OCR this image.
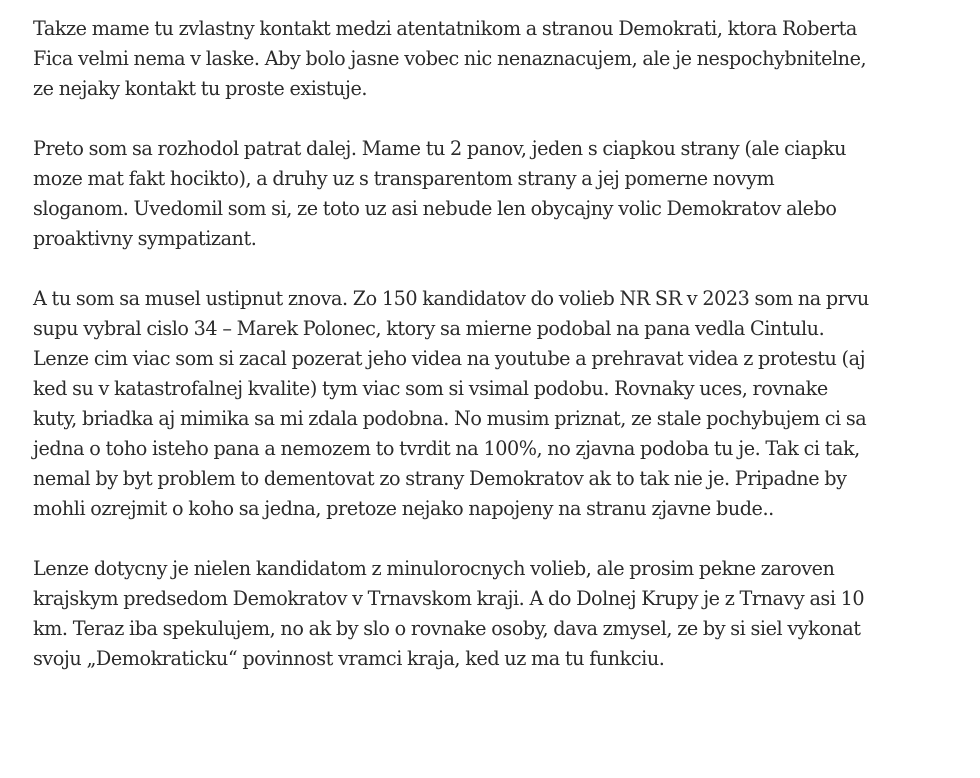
Takze mame tu zvlastny kontakt medzi atentatnikom a stranou Demokrati, ktora Roberta
Fica velmi nema v laske. Aby bolo jasne vobec nic nenaznacujem, ale je nespochybnitelne,
ze nejaky kontakt tu proste existuje.

Preto som sa rozhodol patrat dalej. Mame tu 2 panov, jeden s ciapkou strany (ale ciapku
moze mat fakt hocikto), a druhy uz s transparentom strany a jej pomerne novym
sloganom. Uvedomil som si, ze toto uz asi nebude len obycajny volic Demokratov alebo
proaktivny sympatizant.

A tu som sa musel ustipnut znova. Zo 150 kandidatov do volieb NR SR v 2023 som na prvu
supu vybral cislo 34 – Marek Polonec, ktory sa mierne podobal na pana vedla Cintulu.
Lenze cim viac som si zacal pozerat jeho videa na youtube a prehravat videa z protestu (aj
ked su v katastrofalnej kvalite) tym viac som si vsimal podobu. Rovnaky uces, rovnake
kuty, briadka aj mimika sa mi zdala podobna. No musim priznat, ze stale pochybujem ci sa
jedna o toho isteho pana a nemozem to tvrdit na 100%, no zjavna podoba tu je. Tak ci tak,
nemal by byt problem to dementovat zo strany Demokratov ak to tak nie je. Pripadne by
mohli ozrejmit o koho sa jedna, pretoze nejako napojeny na stranu zjavne bude..

Lenze dotycny je nielen kandidatom z minulorocnych volieb, ale prosim pekne zaroven
krajskym predsedom Demokratov v Trnavskom kraji. A do Dolnej Krupy je z Trnavy asi 10
km. Teraz iba spekulujem, no ak by slo o rovnake osoby, dava zmysel, ze by si siel vykonat
svoju „Demokraticku“ povinnost vramci kraja, ked uz ma tu funkciu.
